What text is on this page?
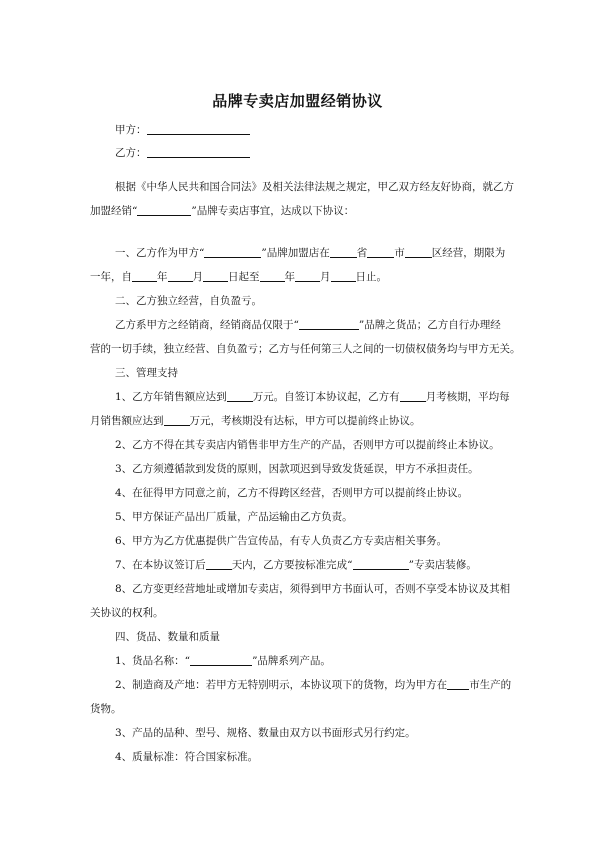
品牌专卖店加盟经销协议
甲方：
乙方：
根据《中华人民共和国合同法》及相关法律法规之规定，甲乙双方经友好协商，就乙方
加盟经销“	”品牌专卖店事宜，达成以下协议：
一、乙方作为甲方“	”品牌加盟店在	省	市	区经营，期限为
一年，自 年 月 日起至 年 月 日止。
二、乙方独立经营，自负盈亏。
乙方系甲方之经销商，经销商品仅限于“	”品牌之货品；乙方自行办理经
营的一切手续，独立经营、自负盈亏；乙方与任何第三人之间的一切债权债务均与甲方无关。
三、管理支持
1、乙方年销售额应达到 万元。自签订本协议起，乙方有 月考核期，平均每
月销售额应达到 万元，考核期没有达标，甲方可以提前终止协议。
2、乙方不得在其专卖店内销售非甲方生产的产品，否则甲方可以提前终止本协议。
3、乙方须遵循款到发货的原则，因款项迟到导致发货延误，甲方不承担责任。
4、在征得甲方同意之前，乙方不得跨区经营，否则甲方可以提前终止协议。
5、甲方保证产品出厂质量，产品运输由乙方负责。
6、甲方为乙方优惠提供广告宣传品，有专人负责乙方专卖店相关事务。
7、在本协议签订后 天内，乙方要按标准完成“	”专卖店装修。
8、乙方变更经营地址或增加专卖店，须得到甲方书面认可，否则不享受本协议及其相
关协议的权利。
四、货品、数量和质量
1、货品名称：“	”品牌系列产品。
2、制造商及产地：若甲方无特别明示，本协议项下的货物，均为甲方在 市生产的
货物。
3、产品的品种、型号、规格、数量由双方以书面形式另行约定。
4、质量标准：符合国家标准。
